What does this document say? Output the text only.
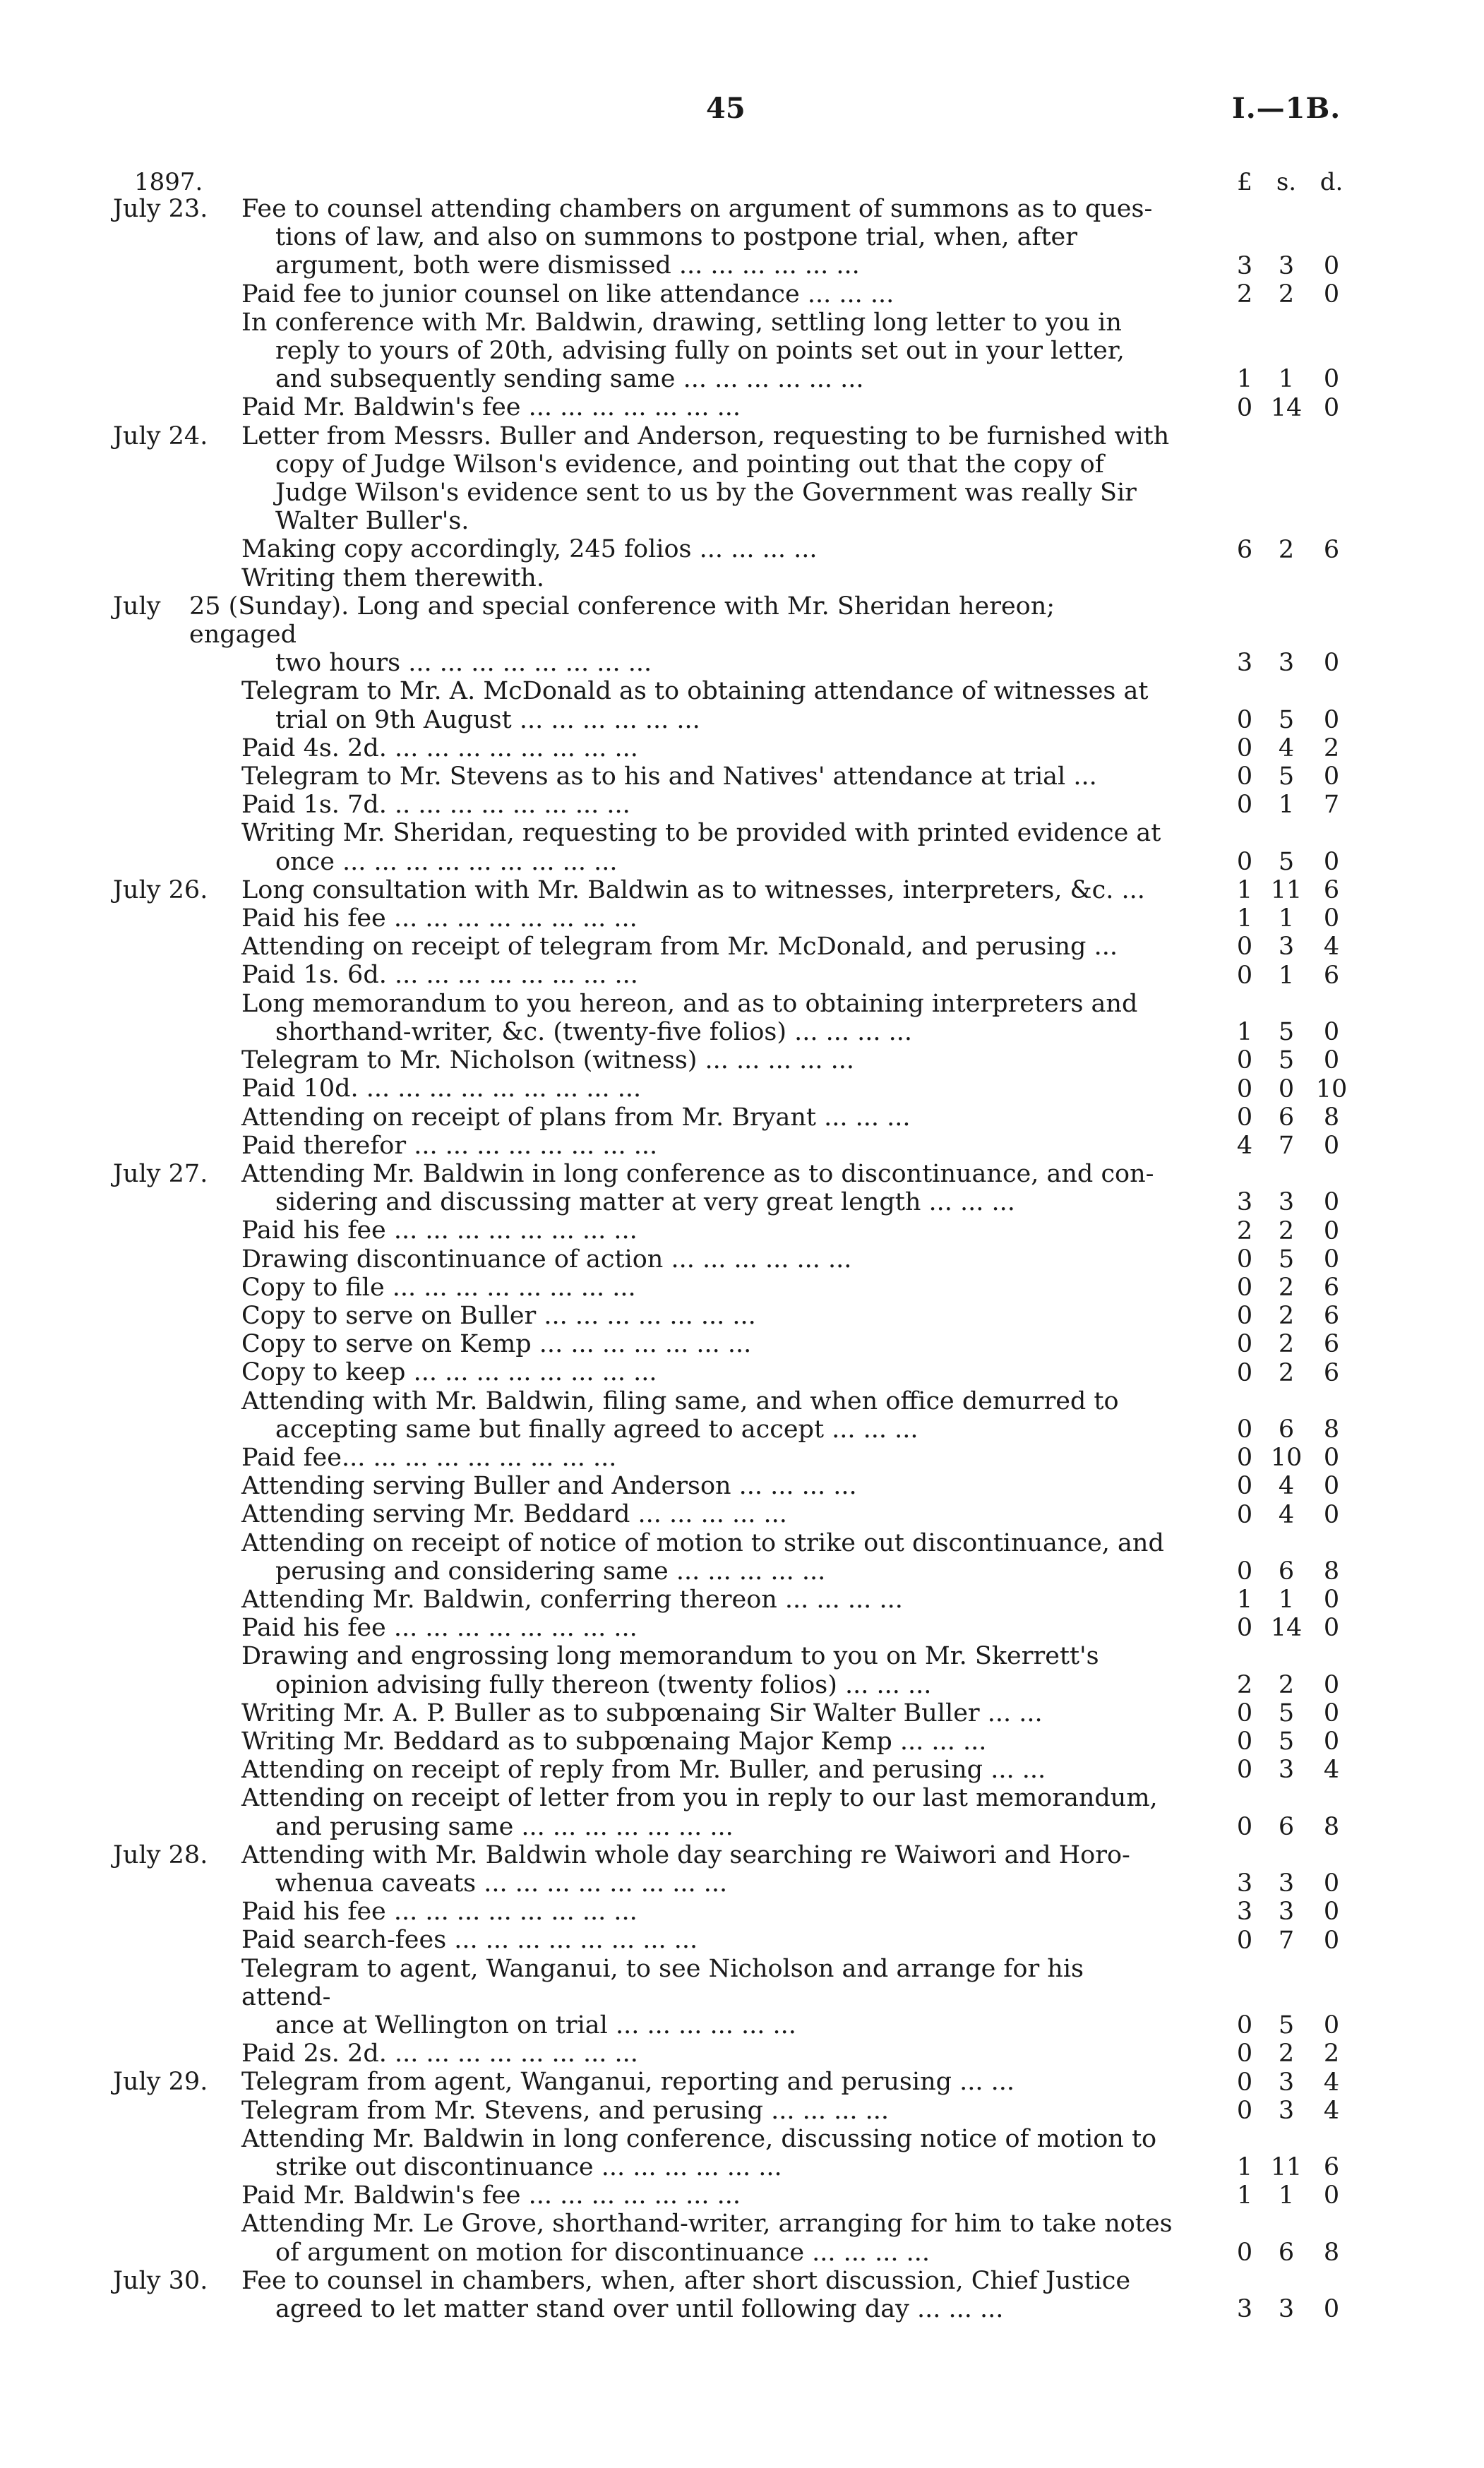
45	I.—1B.
1897.	£	s. d.
July 23.	Fee to counsel attending chambers on argument of summons as to ques-
tions of law, and also on summons to postpone trial, when, after
argument, both were dismissed ... ... ... ... ... ...	3	3	0
Paid fee to junior counsel on like attendance ... ... ...	2	2	0
In conference with Mr. Baldwin, drawing, settling long letter to you in
reply to yours of 20th, advising fully on points set out in your letter,
and subsequently sending same ... ... ... ... ... ...	1	1	0
Paid Mr. Baldwin's fee ... ... ... ... ... ... ...	0 14 0
July 24.	Letter from Messrs. Buller and Anderson, requesting to be furnished with
copy of Judge Wilson's evidence, and pointing out that the copy of
Judge Wilson's evidence sent to us by the Government was really Sir
Walter Buller's.
Making copy accordingly, 245 folios ... ... ... ...	6	2	6
Writing them therewith.
July	25 (Sunday). Long and special conference with Mr. Sheridan hereon; engaged
two hours ... ... ... ... ... ... ... ...	3	3	0
Telegram to Mr. A. McDonald as to obtaining attendance of witnesses at
trial on 9th August ... ... ... ... ... ...	0	5	0
Paid 4s. 2d. ... ... ... ... ... ... ... ...	0	4	2
Telegram to Mr. Stevens as to his and Natives' attendance at trial ...	0	5	0
Paid 1s. 7d. .. ... ... ... ... ... ... ...	0	1	7
Writing Mr. Sheridan, requesting to be provided with printed evidence at
once ... ... ... ... ... ... ... ... ...	0	5	0
July 26.	Long consultation with Mr. Baldwin as to witnesses, interpreters, &c. ...	1 11 6
Paid his fee ... ... ... ... ... ... ... ...	1	1	0
Attending on receipt of telegram from Mr. McDonald, and perusing ...	0	3	4
Paid 1s. 6d. ... ... ... ... ... ... ... ...	0	1	6
Long memorandum to you hereon, and as to obtaining interpreters and
shorthand-writer, &c. (twenty-five folios) ... ... ... ...	1	5	0
Telegram to Mr. Nicholson (witness) ... ... ... ... ...	0	5	0
Paid 10d. ... ... ... ... ... ... ... ... ...	0	0 10
Attending on receipt of plans from Mr. Bryant ... ... ...	0	6	8
Paid therefor ... ... ... ... ... ... ... ...	4	7	0
July 27.	Attending Mr. Baldwin in long conference as to discontinuance, and con-
sidering and discussing matter at very great length ... ... ...	3	3	0
Paid his fee ... ... ... ... ... ... ... ...	2	2	0
Drawing discontinuance of action ... ... ... ... ... ...	0	5	0
Copy to file ... ... ... ... ... ... ... ...	0	2	6
Copy to serve on Buller ... ... ... ... ... ... ...	0	2	6
Copy to serve on Kemp ... ... ... ... ... ... ...	0	2	6
Copy to keep ... ... ... ... ... ... ... ...	0	2	6
Attending with Mr. Baldwin, filing same, and when office demurred to
accepting same but finally agreed to accept ... ... ...	0	6	8
Paid fee... ... ... ... ... ... ... ... ...	0 10 0
Attending serving Buller and Anderson ... ... ... ...	0	4	0
Attending serving Mr. Beddard ... ... ... ... ...	0	4	0
Attending on receipt of notice of motion to strike out discontinuance, and
perusing and considering same ... ... ... ... ...	0	6	8
Attending Mr. Baldwin, conferring thereon ... ... ... ...	1	1	0
Paid his fee ... ... ... ... ... ... ... ...	0 14 0
Drawing and engrossing long memorandum to you on Mr. Skerrett's
opinion advising fully thereon (twenty folios) ... ... ...	2	2	0
Writing Mr. A. P. Buller as to subpœnaing Sir Walter Buller ... ...	0	5	0
Writing Mr. Beddard as to subpœnaing Major Kemp ... ... ...	0	5	0
Attending on receipt of reply from Mr. Buller, and perusing ... ...	0	3	4
Attending on receipt of letter from you in reply to our last memorandum,
and perusing same ... ... ... ... ... ... ...	0	6	8
July 28.	Attending with Mr. Baldwin whole day searching re Waiwori and Horo-
whenua caveats ... ... ... ... ... ... ... ...	3	3	0
Paid his fee ... ... ... ... ... ... ... ...	3	3	0
Paid search-fees ... ... ... ... ... ... ... ...	0	7	0
Telegram to agent, Wanganui, to see Nicholson and arrange for his attend-
ance at Wellington on trial ... ... ... ... ... ...	0	5	0
Paid 2s. 2d. ... ... ... ... ... ... ... ...	0	2	2
July 29.	Telegram from agent, Wanganui, reporting and perusing ... ...	0	3	4
Telegram from Mr. Stevens, and perusing ... ... ... ...	0	3	4
Attending Mr. Baldwin in long conference, discussing notice of motion to
strike out discontinuance ... ... ... ... ... ...	1 11 6
Paid Mr. Baldwin's fee ... ... ... ... ... ... ...	1	1	0
Attending Mr. Le Grove, shorthand-writer, arranging for him to take notes
of argument on motion for discontinuance ... ... ... ...	0	6	8
July 30.	Fee to counsel in chambers, when, after short discussion, Chief Justice
agreed to let matter stand over until following day ... ... ...	3	3	0
